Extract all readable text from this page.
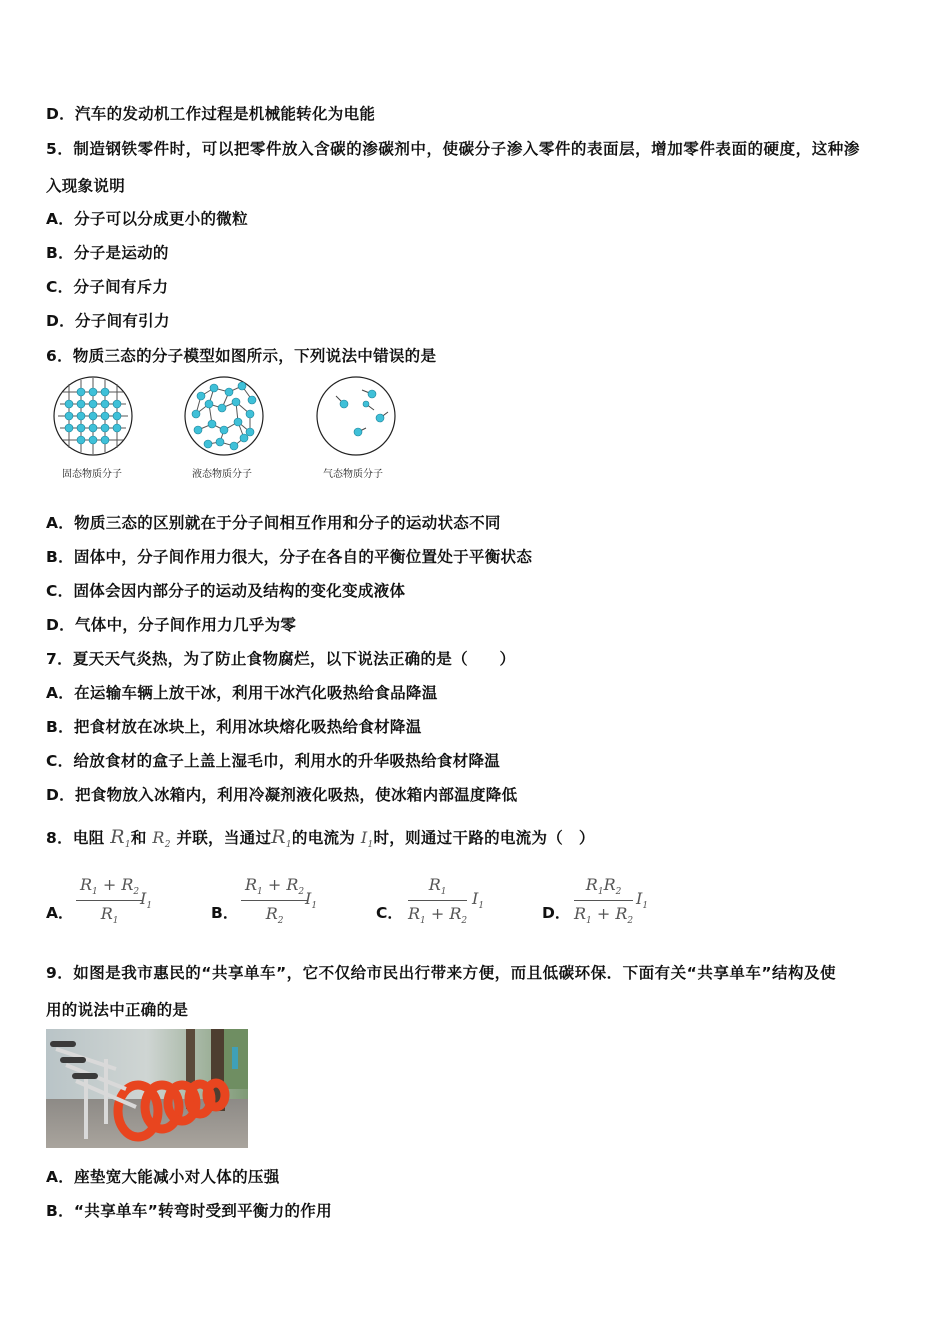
D．汽车的发动机工作过程是机械能转化为电能
5．制造钢铁零件时，可以把零件放入含碳的渗碳剂中，使碳分子渗入零件的表面层，增加零件表面的硬度，这种渗
入现象说明
A．分子可以分成更小的微粒
B．分子是运动的
C．分子间有斥力
D．分子间有引力
6．物质三态的分子模型如图所示，下列说法中错误的是
固态物质分子	液态物质分子	气态物质分子
A．物质三态的区别就在于分子间相互作用和分子的运动状态不同
B．固体中，分子间作用力很大，分子在各自的平衡位置处于平衡状态
C．固体会因内部分子的运动及结构的变化变成液体
D．气体中，分子间作用力几乎为零
7．夏天天气炎热，为了防止食物腐烂，以下说法正确的是（　　）
A．在运输车辆上放干冰，利用干冰汽化吸热给食品降温
B．把食材放在冰块上，利用冰块熔化吸热给食材降温
C．给放食材的盒子上盖上湿毛巾，利用水的升华吸热给食材降温
D．把食物放入冰箱内，利用冷凝剂液化吸热，使冰箱内部温度降低
8．电阻 $R_1$和 $R_2$ 并联，当通过$R_1$的电流为 $I_1$时，则通过干路的电流为（　）
A． $\frac{R_1 + R_2}{R_1}$
$I_1$	B． $\frac{R_1 + R_2}{R_2}$
$I_1$	C． $\frac{R_1}{R_1 + R_2} I_1$	D． $\frac{R_1R_2}{R_1 + R_2} I_1$
9．如图是我市惠民的“共享单车”，它不仅给市民出行带来方便，而且低碳环保．下面有关“共享单车”结构及使
用的说法中正确的是
A．座垫宽大能减小对人体的压强
B．“共享单车”转弯时受到平衡力的作用
